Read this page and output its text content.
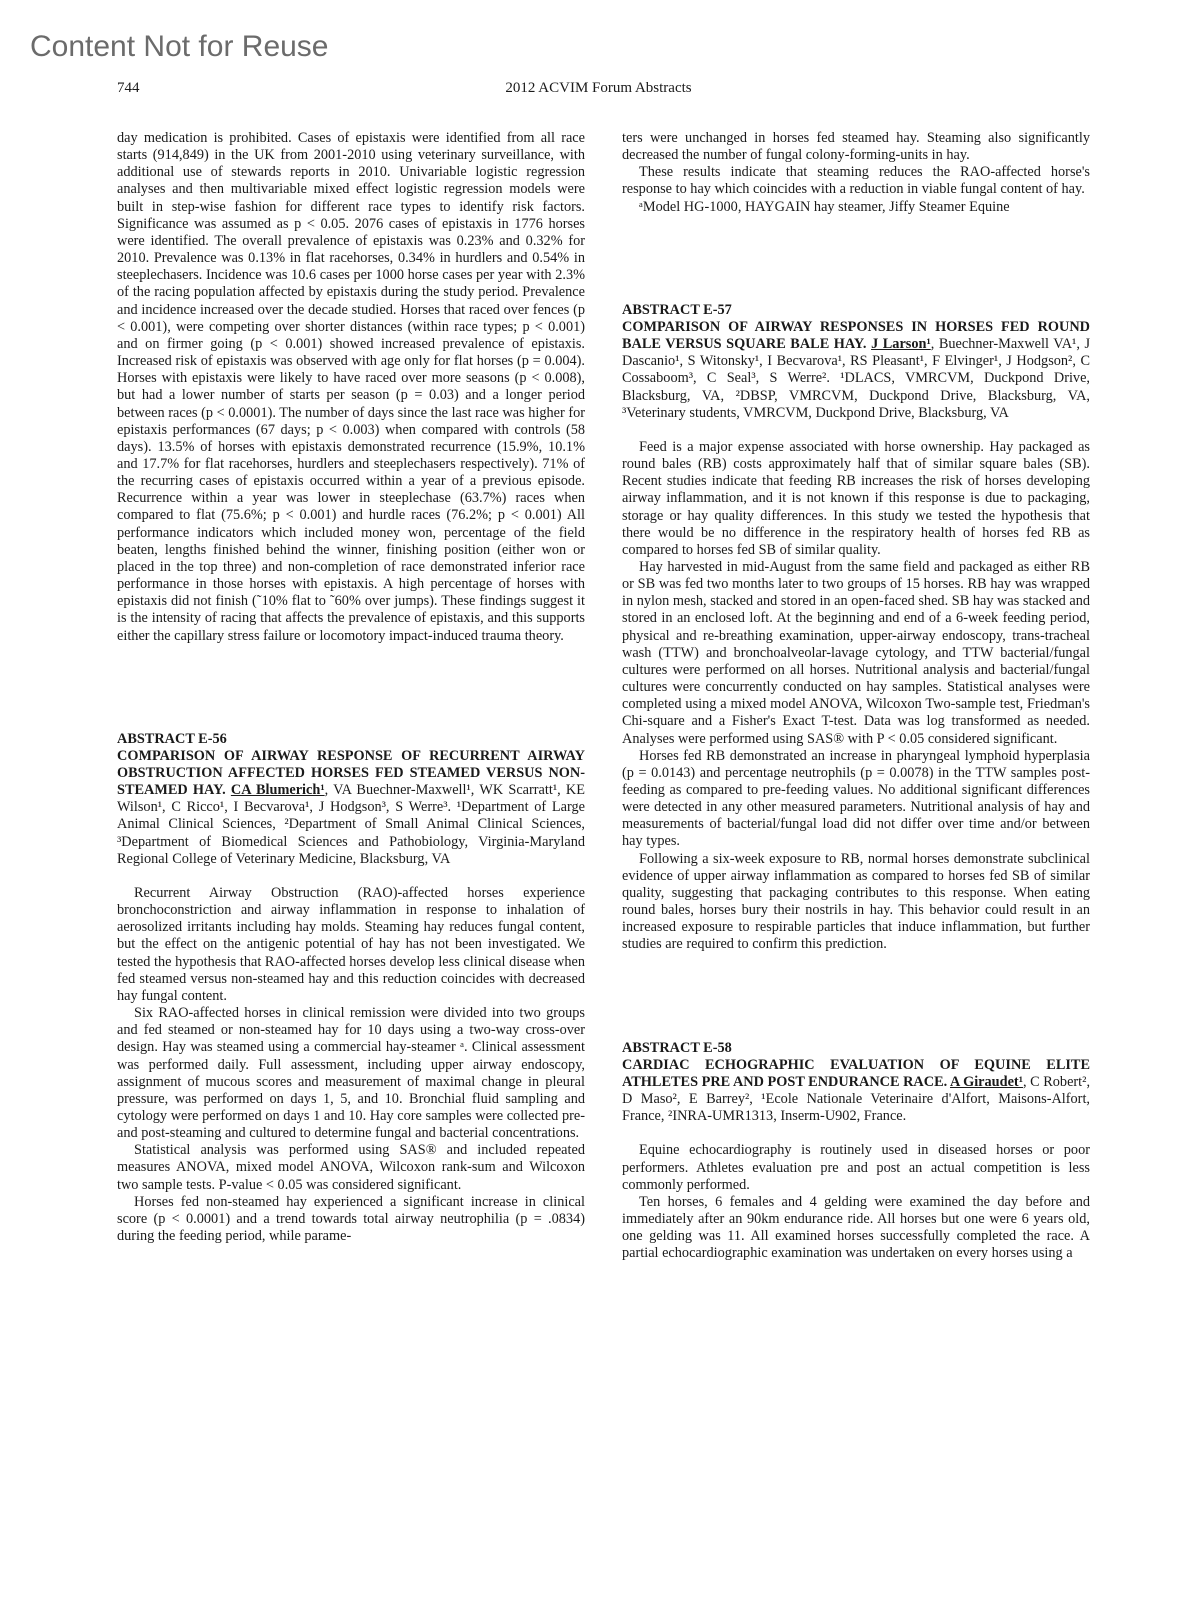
Content Not for Reuse
744	2012 ACVIM Forum Abstracts

day medication is prohibited. Cases of epistaxis were identified from all race starts (914,849) in the UK from 2001-2010 using veterinary surveillance, with additional use of stewards reports in 2010. Univariable logistic regression analyses and then multivariable mixed effect logistic regression models were built in step-wise fashion for different race types to identify risk factors. Significance was assumed as p < 0.05. 2076 cases of epistaxis in 1776 horses were identified. The overall prevalence of epistaxis was 0.23% and 0.32% for 2010. Prevalence was 0.13% in flat racehorses, 0.34% in hurdlers and 0.54% in steeplechasers. Incidence was 10.6 cases per 1000 horse cases per year with 2.3% of the racing population affected by epistaxis during the study period. Prevalence and incidence increased over the decade studied. Horses that raced over fences (p < 0.001), were competing over shorter distances (within race types; p < 0.001) and on firmer going (p < 0.001) showed increased prevalence of epistaxis. Increased risk of epistaxis was observed with age only for flat horses (p = 0.004). Horses with epistaxis were likely to have raced over more seasons (p < 0.008), but had a lower number of starts per season (p = 0.03) and a longer period between races (p < 0.0001). The number of days since the last race was higher for epistaxis performances (67 days; p < 0.003) when compared with controls (58 days). 13.5% of horses with epistaxis demonstrated recurrence (15.9%, 10.1% and 17.7% for flat racehorses, hurdlers and steeplechasers respectively). 71% of the recurring cases of epistaxis occurred within a year of a previous episode. Recurrence within a year was lower in steeplechase (63.7%) races when compared to flat (75.6%; p < 0.001) and hurdle races (76.2%; p < 0.001) All performance indicators which included money won, percentage of the field beaten, lengths finished behind the winner, finishing position (either won or placed in the top three) and non-completion of race demonstrated inferior race performance in those horses with epistaxis. A high percentage of horses with epistaxis did not finish (˜10% flat to ˜60% over jumps). These findings suggest it is the intensity of racing that affects the prevalence of epistaxis, and this supports either the capillary stress failure or locomotory impact-induced trauma theory.

ABSTRACT E-56
COMPARISON OF AIRWAY RESPONSE OF RECURRENT AIRWAY OBSTRUCTION AFFECTED HORSES FED STEAMED VERSUS NON-STEAMED HAY. CA Blumerich¹, VA Buechner-Maxwell¹, WK Scarratt¹, KE Wilson¹, C Ricco¹, I Becvarova¹, J Hodgson³, S Werre³. ¹Department of Large Animal Clinical Sciences, ²Department of Small Animal Clinical Sciences, ³Department of Biomedical Sciences and Pathobiology, Virginia-Maryland Regional College of Veterinary Medicine, Blacksburg, VA

Recurrent Airway Obstruction (RAO)-affected horses experience bronchoconstriction and airway inflammation in response to inhalation of aerosolized irritants including hay molds. Steaming hay reduces fungal content, but the effect on the antigenic potential of hay has not been investigated. We tested the hypothesis that RAO-affected horses develop less clinical disease when fed steamed versus non-steamed hay and this reduction coincides with decreased hay fungal content.

Six RAO-affected horses in clinical remission were divided into two groups and fed steamed or non-steamed hay for 10 days using a two-way cross-over design. Hay was steamed using a commercial hay-steamer ᵃ. Clinical assessment was performed daily. Full assessment, including upper airway endoscopy, assignment of mucous scores and measurement of maximal change in pleural pressure, was performed on days 1, 5, and 10. Bronchial fluid sampling and cytology were performed on days 1 and 10. Hay core samples were collected pre- and post-steaming and cultured to determine fungal and bacterial concentrations.

Statistical analysis was performed using SAS® and included repeated measures ANOVA, mixed model ANOVA, Wilcoxon rank-sum and Wilcoxon two sample tests. P-value < 0.05 was considered significant.

Horses fed non-steamed hay experienced a significant increase in clinical score (p < 0.0001) and a trend towards total airway neutrophilia (p = .0834) during the feeding period, while parame-

ters were unchanged in horses fed steamed hay. Steaming also significantly decreased the number of fungal colony-forming-units in hay.

These results indicate that steaming reduces the RAO-affected horse's response to hay which coincides with a reduction in viable fungal content of hay.

ᵃModel HG-1000, HAYGAIN hay steamer, Jiffy Steamer Equine

ABSTRACT E-57
COMPARISON OF AIRWAY RESPONSES IN HORSES FED ROUND BALE VERSUS SQUARE BALE HAY. J Larson¹, Buechner-Maxwell VA¹, J Dascanio¹, S Witonsky¹, I Becvarova¹, RS Pleasant¹, F Elvinger¹, J Hodgson², C Cossaboom³, C Seal³, S Werre². ¹DLACS, VMRCVM, Duckpond Drive, Blacksburg, VA, ²DBSP, VMRCVM, Duckpond Drive, Blacksburg, VA, ³Veterinary students, VMRCVM, Duckpond Drive, Blacksburg, VA

Feed is a major expense associated with horse ownership. Hay packaged as round bales (RB) costs approximately half that of similar square bales (SB). Recent studies indicate that feeding RB increases the risk of horses developing airway inflammation, and it is not known if this response is due to packaging, storage or hay quality differences. In this study we tested the hypothesis that there would be no difference in the respiratory health of horses fed RB as compared to horses fed SB of similar quality.

Hay harvested in mid-August from the same field and packaged as either RB or SB was fed two months later to two groups of 15 horses. RB hay was wrapped in nylon mesh, stacked and stored in an open-faced shed. SB hay was stacked and stored in an enclosed loft. At the beginning and end of a 6-week feeding period, physical and re-breathing examination, upper-airway endoscopy, trans-tracheal wash (TTW) and bronchoalveolar-lavage cytology, and TTW bacterial/fungal cultures were performed on all horses. Nutritional analysis and bacterial/fungal cultures were concurrently conducted on hay samples. Statistical analyses were completed using a mixed model ANOVA, Wilcoxon Two-sample test, Friedman's Chi-square and a Fisher's Exact T-test. Data was log transformed as needed. Analyses were performed using SAS® with P < 0.05 considered significant.

Horses fed RB demonstrated an increase in pharyngeal lymphoid hyperplasia (p = 0.0143) and percentage neutrophils (p = 0.0078) in the TTW samples post-feeding as compared to pre-feeding values. No additional significant differences were detected in any other measured parameters. Nutritional analysis of hay and measurements of bacterial/fungal load did not differ over time and/or between hay types.

Following a six-week exposure to RB, normal horses demonstrate subclinical evidence of upper airway inflammation as compared to horses fed SB of similar quality, suggesting that packaging contributes to this response. When eating round bales, horses bury their nostrils in hay. This behavior could result in an increased exposure to respirable particles that induce inflammation, but further studies are required to confirm this prediction.

ABSTRACT E-58
CARDIAC ECHOGRAPHIC EVALUATION OF EQUINE ELITE ATHLETES PRE AND POST ENDURANCE RACE. A Giraudet¹, C Robert², D Maso², E Barrey², ¹Ecole Nationale Veterinaire d'Alfort, Maisons-Alfort, France, ²INRA-UMR1313, Inserm-U902, France.

Equine echocardiography is routinely used in diseased horses or poor performers. Athletes evaluation pre and post an actual competition is less commonly performed.

Ten horses, 6 females and 4 gelding were examined the day before and immediately after an 90km endurance ride. All horses but one were 6 years old, one gelding was 11. All examined horses successfully completed the race. A partial echocardiographic examination was undertaken on every horses using a
